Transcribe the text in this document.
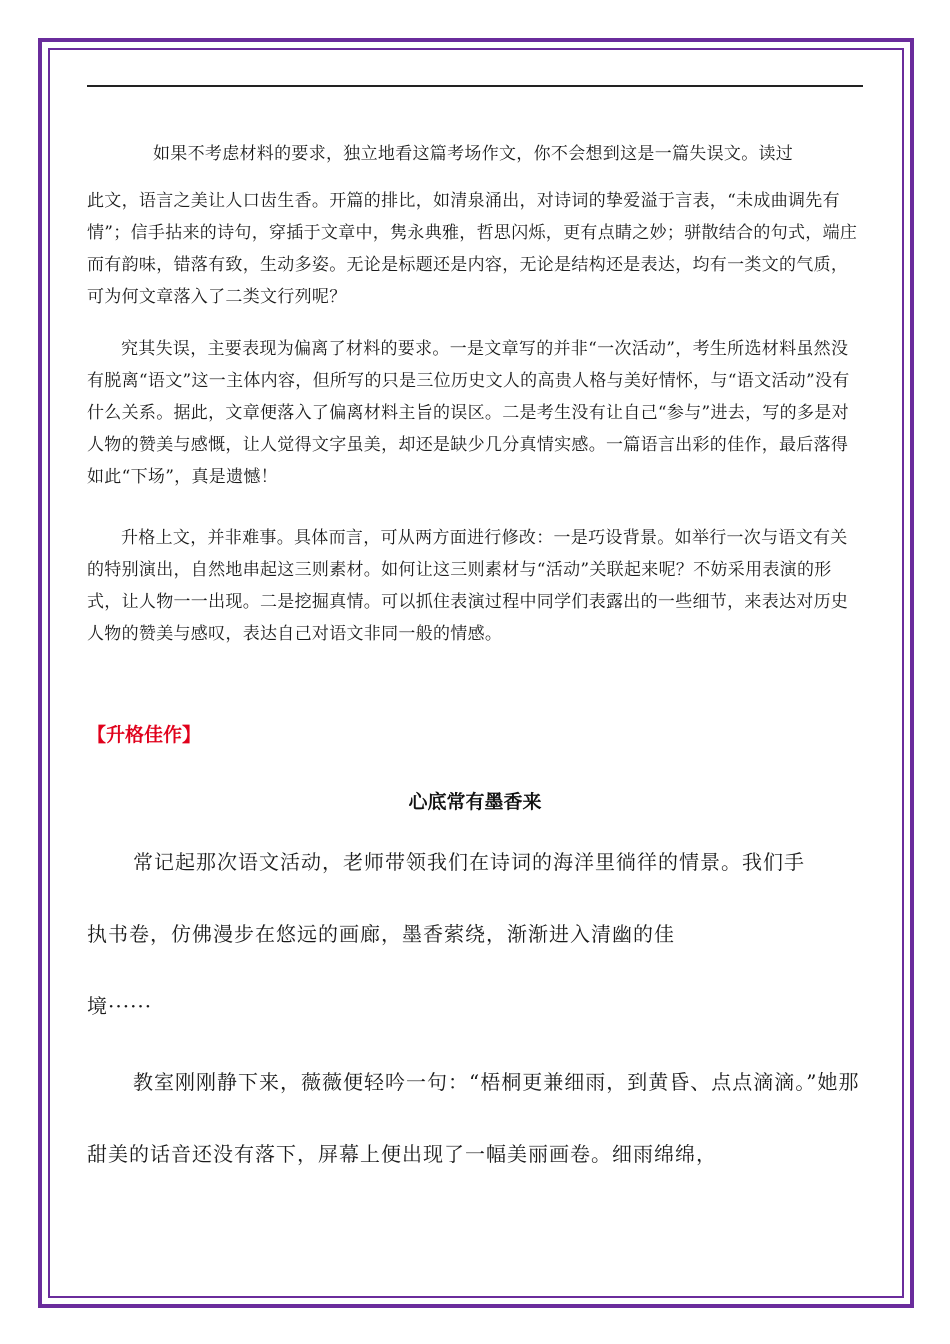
如果不考虑材料的要求，独立地看这篇考场作文，你不会想到这是一篇失误文。读过
此文，语言之美让人口齿生香。开篇的排比，如清泉涌出，对诗词的挚爱溢于言表，“未成曲调先有情”；信手拈来的诗句，穿插于文章中，隽永典雅，哲思闪烁，更有点睛之妙；骈散结合的句式，端庄而有韵味，错落有致，生动多姿。无论是标题还是内容，无论是结构还是表达，均有一类文的气质，可为何文章落入了二类文行列呢？

究其失误，主要表现为偏离了材料的要求。一是文章写的并非“一次活动”，考生所选材料虽然没有脱离“语文”这一主体内容，但所写的只是三位历史文人的高贵人格与美好情怀，与“语文活动”没有什么关系。据此，文章便落入了偏离材料主旨的误区。二是考生没有让自己“参与”进去，写的多是对人物的赞美与感慨，让人觉得文字虽美，却还是缺少几分真情实感。一篇语言出彩的佳作，最后落得如此“下场”，真是遗憾！

升格上文，并非难事。具体而言，可从两方面进行修改：一是巧设背景。如举行一次与语文有关的特别演出，自然地串起这三则素材。如何让这三则素材与“活动”关联起来呢？不妨采用表演的形式，让人物一一出现。二是挖掘真情。可以抓住表演过程中同学们表露出的一些细节，来表达对历史人物的赞美与感叹，表达自己对语文非同一般的情感。

【升格佳作】
心底常有墨香来

常记起那次语文活动，老师带领我们在诗词的海洋里徜徉的情景。我们手
执书卷，仿佛漫步在悠远的画廊，墨香萦绕，渐渐进入清幽的佳
境······

教室刚刚静下来，薇薇便轻吟一句：“梧桐更兼细雨，到黄昏、点点滴滴。”她那甜美的话音还没有落下，屏幕上便出现了一幅美丽画卷。细雨绵绵，
